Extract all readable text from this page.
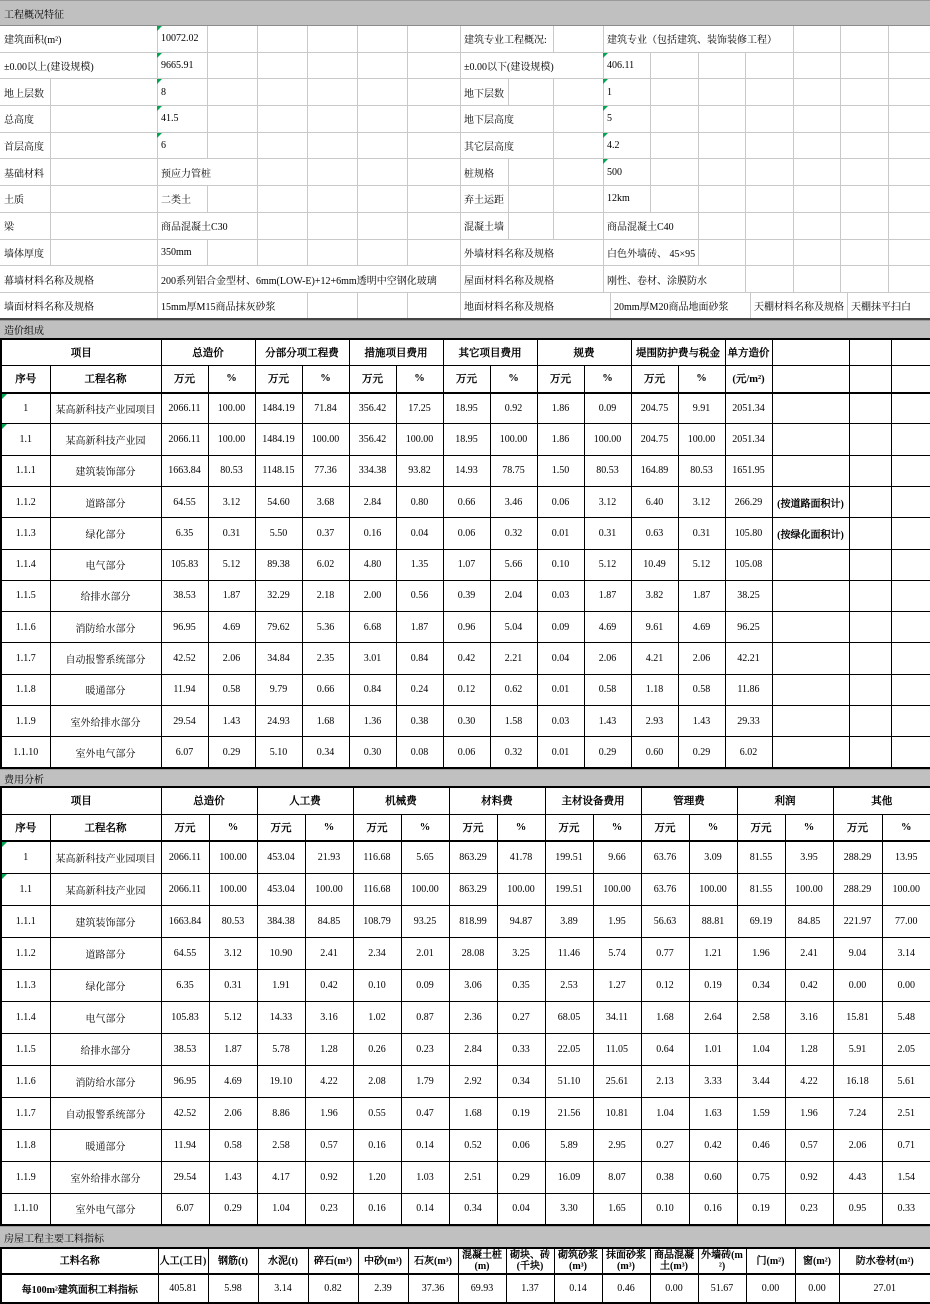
工程概况特征
建筑面积(m²)	10072.02	建筑专业工程概况:	建筑专业（包括建筑、装饰装修工程）
±0.00以上(建设规模)	9665.91	±0.00以下(建设规模)	406.11
地上层数	8	地下层数	1
总高度	41.5	地下层高度	5
首层高度	6	其它层高度	4.2
基础材料	预应力管桩	桩规格	500
土质	二类土	弃土运距	12km
梁	商品混凝土C30	混凝土墙	商品混凝土C40
墙体厚度	350mm	外墙材料名称及规格	白色外墙砖、 45×95
幕墙材料名称及规格	200系列铝合金型材、6mm(LOW-E)+12+6mm透明中空钢化玻璃	屋面材料名称及规格	刚性、卷材、涂膜防水
墙面材料名称及规格	15mm厚M15商品抹灰砂浆	地面材料名称及规格	20mm厚M20商品地面砂浆	天棚材料名称及规格 天棚抹平扫白
造价组成
项目		总造价		分部分项工程费		措施项目费用		其它项目费用		规费		堤围防护费与税金		单方造价			
序号	工程名称	万元	%	万元	%	万元	%	万元	%	万元	%	万元	%	(元/m²)			

1	某高新科技产业园项目	2066.11	100.00	1484.19	71.84	356.42	17.25	18.95	0.92	1.86	0.09	204.75	9.91	2051.34			

1.1	某高新科技产业园	2066.11	100.00	1484.19	100.00	356.42	100.00	18.95	100.00	1.86	100.00	204.75	100.00	2051.34			
1.1.1	建筑装饰部分	1663.84	80.53	1148.15	77.36	334.38	93.82	14.93	78.75	1.50	80.53	164.89	80.53	1651.95			
1.1.2	道路部分	64.55	3.12	54.60	3.68	2.84	0.80	0.66	3.46	0.06	3.12	6.40	3.12	266.29	(按道路面积计)		
1.1.3	绿化部分	6.35	0.31	5.50	0.37	0.16	0.04	0.06	0.32	0.01	0.31	0.63	0.31	105.80	(按绿化面积计)		
1.1.4	电气部分	105.83	5.12	89.38	6.02	4.80	1.35	1.07	5.66	0.10	5.12	10.49	5.12	105.08			
1.1.5	给排水部分	38.53	1.87	32.29	2.18	2.00	0.56	0.39	2.04	0.03	1.87	3.82	1.87	38.25			
1.1.6	消防给水部分	96.95	4.69	79.62	5.36	6.68	1.87	0.96	5.04	0.09	4.69	9.61	4.69	96.25			
1.1.7	自动报警系统部分	42.52	2.06	34.84	2.35	3.01	0.84	0.42	2.21	0.04	2.06	4.21	2.06	42.21			
1.1.8	暖通部分	11.94	0.58	9.79	0.66	0.84	0.24	0.12	0.62	0.01	0.58	1.18	0.58	11.86			
1.1.9	室外给排水部分	29.54	1.43	24.93	1.68	1.36	0.38	0.30	1.58	0.03	1.43	2.93	1.43	29.33			
1.1.10	室外电气部分	6.07	0.29	5.10	0.34	0.30	0.08	0.06	0.32	0.01	0.29	0.60	0.29	6.02			
费用分析
项目		总造价		人工费		机械费		材料费		主材设备费用		管理费		利润		其他	
序号	工程名称	万元	%	万元	%	万元	%	万元	%	万元	%	万元	%	万元	%	万元	%

1	某高新科技产业园项目	2066.11	100.00	453.04	21.93	116.68	5.65	863.29	41.78	199.51	9.66	63.76	3.09	81.55	3.95	288.29	13.95

1.1	某高新科技产业园	2066.11	100.00	453.04	100.00	116.68	100.00	863.29	100.00	199.51	100.00	63.76	100.00	81.55	100.00	288.29	100.00
1.1.1	建筑装饰部分	1663.84	80.53	384.38	84.85	108.79	93.25	818.99	94.87	3.89	1.95	56.63	88.81	69.19	84.85	221.97	77.00
1.1.2	道路部分	64.55	3.12	10.90	2.41	2.34	2.01	28.08	3.25	11.46	5.74	0.77	1.21	1.96	2.41	9.04	3.14
1.1.3	绿化部分	6.35	0.31	1.91	0.42	0.10	0.09	3.06	0.35	2.53	1.27	0.12	0.19	0.34	0.42	0.00	0.00
1.1.4	电气部分	105.83	5.12	14.33	3.16	1.02	0.87	2.36	0.27	68.05	34.11	1.68	2.64	2.58	3.16	15.81	5.48
1.1.5	给排水部分	38.53	1.87	5.78	1.28	0.26	0.23	2.84	0.33	22.05	11.05	0.64	1.01	1.04	1.28	5.91	2.05
1.1.6	消防给水部分	96.95	4.69	19.10	4.22	2.08	1.79	2.92	0.34	51.10	25.61	2.13	3.33	3.44	4.22	16.18	5.61
1.1.7	自动报警系统部分	42.52	2.06	8.86	1.96	0.55	0.47	1.68	0.19	21.56	10.81	1.04	1.63	1.59	1.96	7.24	2.51
1.1.8	暖通部分	11.94	0.58	2.58	0.57	0.16	0.14	0.52	0.06	5.89	2.95	0.27	0.42	0.46	0.57	2.06	0.71
1.1.9	室外给排水部分	29.54	1.43	4.17	0.92	1.20	1.03	2.51	0.29	16.09	8.07	0.38	0.60	0.75	0.92	4.43	1.54
1.1.10	室外电气部分	6.07	0.29	1.04	0.23	0.16	0.14	0.34	0.04	3.30	1.65	0.10	0.16	0.19	0.23	0.95	0.33
房屋工程主要工料指标
工料名称	人工(工日)	钢筋(t)	水泥(t)	碎石(m³)	中砂(m³)	石灰(m³)	混凝土桩(m)	砌块、砖(千块)	砌筑砂浆(m³)	抹面砂浆(m³)	商品混凝土(m³)	外墙砖(m²)	门(m²)	窗(m²)	防水卷材(m²)
每100m²建筑面积工料指标	405.81	5.98	3.14	0.82	2.39	37.36	69.93	1.37	0.14	0.46	0.00	51.67	0.00	0.00	27.01
